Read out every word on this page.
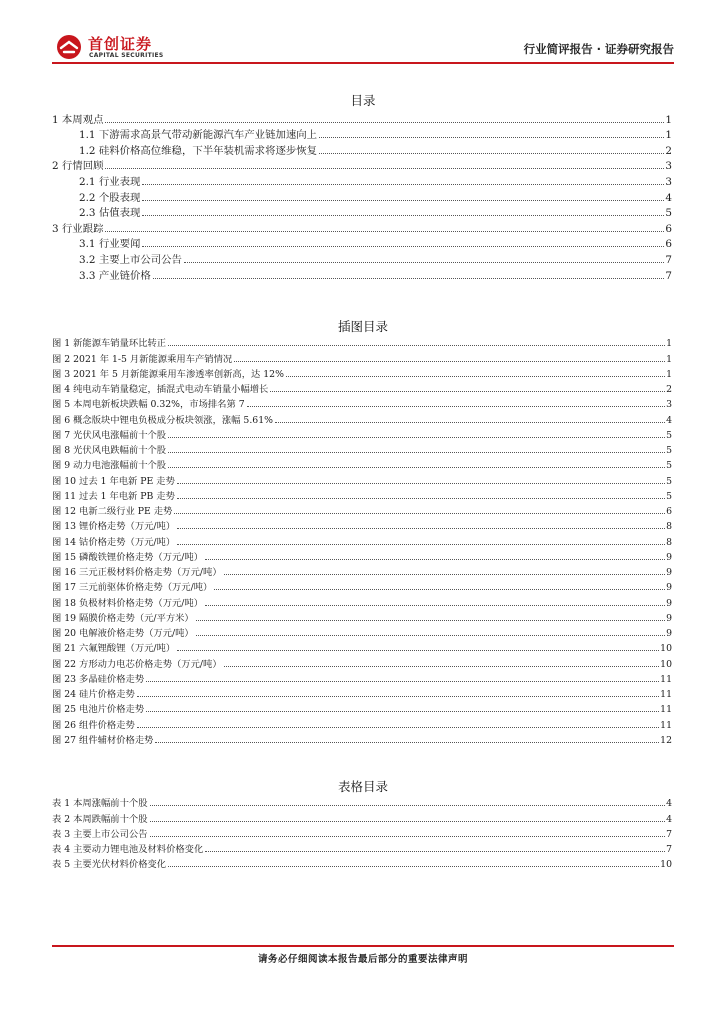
首创证券
CAPITAL SECURITIES	行业简评报告 · 证券研究报告
目录
1 本周观点	1
1.1 下游需求高景气带动新能源汽车产业链加速向上	1
1.2 硅料价格高位维稳，下半年装机需求将逐步恢复	2
2 行情回顾	3
2.1 行业表现	3
2.2 个股表现	4
2.3 估值表现	5
3 行业跟踪	6
3.1 行业要闻	6
3.2 主要上市公司公告	7
3.3 产业链价格	7
插图目录
图 1 新能源车销量环比转正	1
图 2 2021 年 1-5 月新能源乘用车产销情况	1
图 3 2021 年 5 月新能源乘用车渗透率创新高，达 12%	1
图 4 纯电动车销量稳定，插混式电动车销量小幅增长	2
图 5 本周电新板块跌幅 0.32%，市场排名第 7	3
图 6 概念版块中锂电负极成分板块领涨，涨幅 5.61%	4
图 7 光伏风电涨幅前十个股	5
图 8 光伏风电跌幅前十个股	5
图 9 动力电池涨幅前十个股	5
图 10 过去 1 年电新 PE 走势	5
图 11 过去 1 年电新 PB 走势	5
图 12 电新二级行业 PE 走势	6
图 13 锂价格走势（万元/吨）	8
图 14 钴价格走势（万元/吨）	8
图 15 磷酸铁锂价格走势（万元/吨）	9
图 16 三元正极材料价格走势（万元/吨）	9
图 17 三元前驱体价格走势（万元/吨）	9
图 18 负极材料价格走势（万元/吨）	9
图 19 隔膜价格走势（元/平方米）	9
图 20 电解液价格走势（万元/吨）	9
图 21 六氟锂酸锂（万元/吨）	10
图 22 方形动力电芯价格走势（万元/吨）	10
图 23 多晶硅价格走势	11
图 24 硅片价格走势	11
图 25 电池片价格走势	11
图 26 组件价格走势	11
图 27 组件辅材价格走势	12
表格目录
表 1 本周涨幅前十个股	4
表 2 本周跌幅前十个股	4
表 3 主要上市公司公告	7
表 4 主要动力锂电池及材料价格变化	7
表 5 主要光伏材料价格变化	10
请务必仔细阅读本报告最后部分的重要法律声明
